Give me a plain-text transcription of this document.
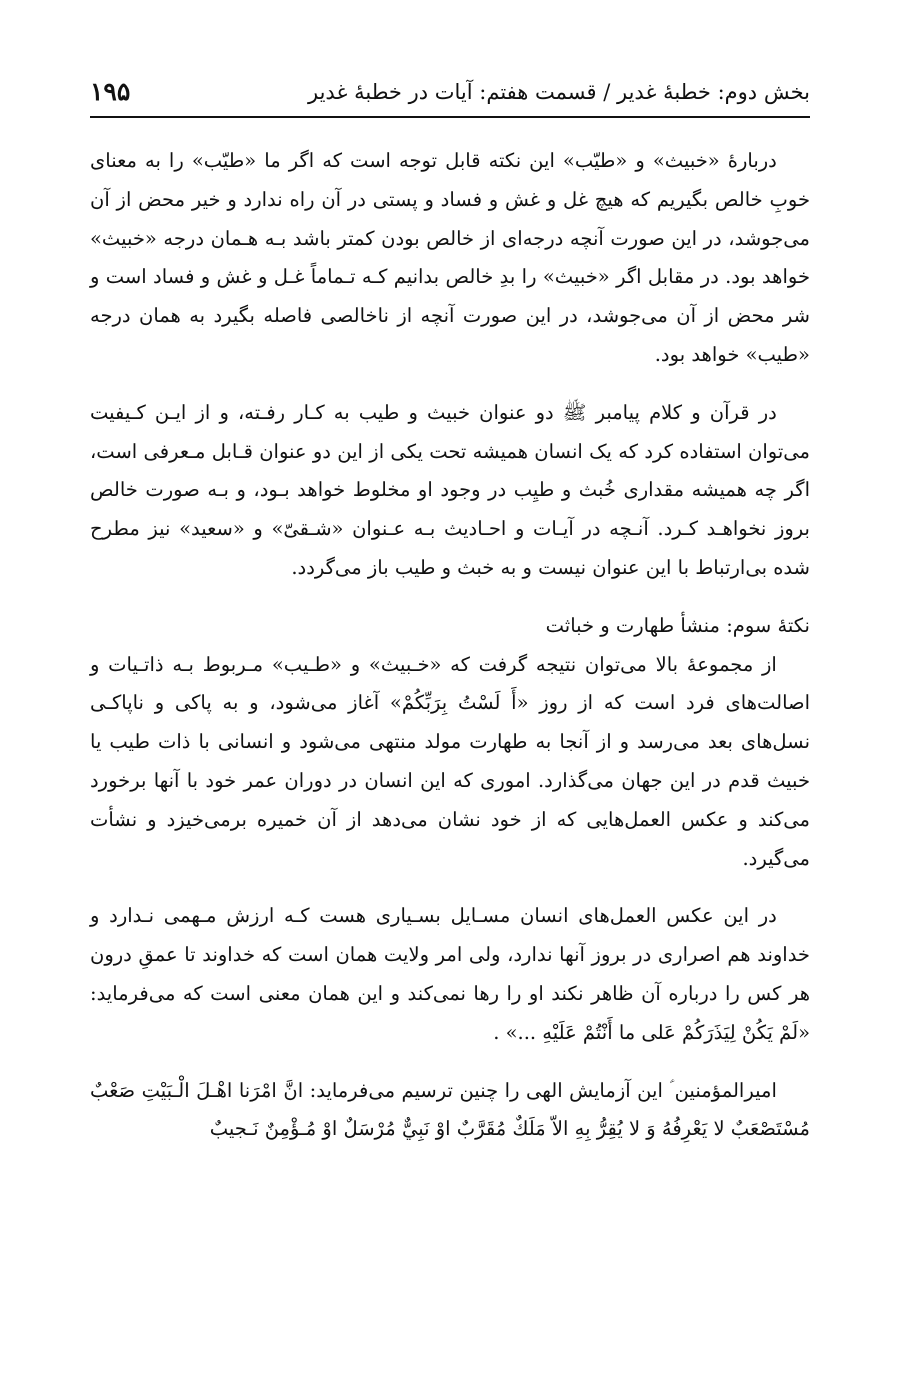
بخش دوم: خطبهٔ غدیر / قسمت هفتم: آیات در خطبهٔ غدیر
۱۹۵

دربارهٔ «خبیث» و «طیّب» این نکته قابل توجه است که اگر ما «طیّب» را به معنای خوبِ خالص بگیریم که هیچ غل و غش و فساد و پستی در آن راه ندارد و خیر محض از آن می‌جوشد، در این صورت آنچه درجه‌ای از خالص بودن کمتر باشد بـه هـمان درجه «خبیث» خواهد بود. در مقابل اگر «خبیث» را بدِ خالص بدانیم کـه تـماماً غـل و غش و فساد است و شر محض از آن می‌جوشد، در این صورت آنچه از ناخالصی فاصله بگیرد به همان درجه «طیب» خواهد بود.

در قرآن و کلام پیامبر ﷺ دو عنوان خبیث و طیب به کـار رفـته، و از ایـن کـیفیت می‌توان استفاده کرد که یک انسان همیشه تحت یکی از این دو عنوان قـابل مـعرفی است، اگر چه همیشه مقداری خُبث و طیِب در وجود او مخلوط خواهد بـود، و بـه صورت خالص بروز نخواهـد کـرد. آنـچه در آیـات و احـادیث بـه عـنوان «شـقیّ» و «سعید» نیز مطرح شده بی‌ارتباط با این عنوان نیست و به خبث و طیب باز می‌گردد.

نکتهٔ سوم: منشأ طهارت و خباثت

از مجموعهٔ بالا می‌توان نتیجه گرفت که «خـبیث» و «طـیب» مـربوط بـه ذاتـیات و اصالت‌های فرد است که از روز «أَ لَسْتُ بِرَبِّكُمْ» آغاز می‌شود، و به پاکی و ناپاکـی نسل‌های بعد می‌رسد و از آنجا به طهارت مولد منتهی می‌شود و انسانی با ذات طیب یا خبیث قدم در این جهان می‌گذارد. اموری که این انسان در دوران عمر خود با آنها برخورد می‌کند و عکس العمل‌هایی که از خود نشان می‌دهد از آن خمیره برمی‌خیزد و نشأت می‌گیرد.

در این عکس العمل‌های انسان مسـایل بسـیاری هست کـه ارزش مـهمی نـدارد و خداوند هم اصراری در بروز آنها ندارد، ولی امر ولایت همان است که خداوند تا عمقِ درون هر کس را درباره آن ظاهر نکند او را رها نمی‌کند و این همان معنی است که می‌فرماید: «لَمْ يَكُنْ لِيَذَرَكُمْ عَلى ما أَنْتُمْ عَلَيْهِ ...» .

امیرالمؤمنین ؑ این آزمایش الهی را چنین ترسیم می‌فرماید: انَّ امْرَنا اهْـلَ الْـبَيْتِ صَعْبٌ مُسْتَصْعَبٌ لا يَعْرِفُهُ وَ لا يُقِرُّ بِهِ الاّ مَلَكٌ مُقَرَّبٌ اوْ نَبِيٌّ مُرْسَلٌ اوْ مُـؤْمِنٌ نَـجيبٌ
